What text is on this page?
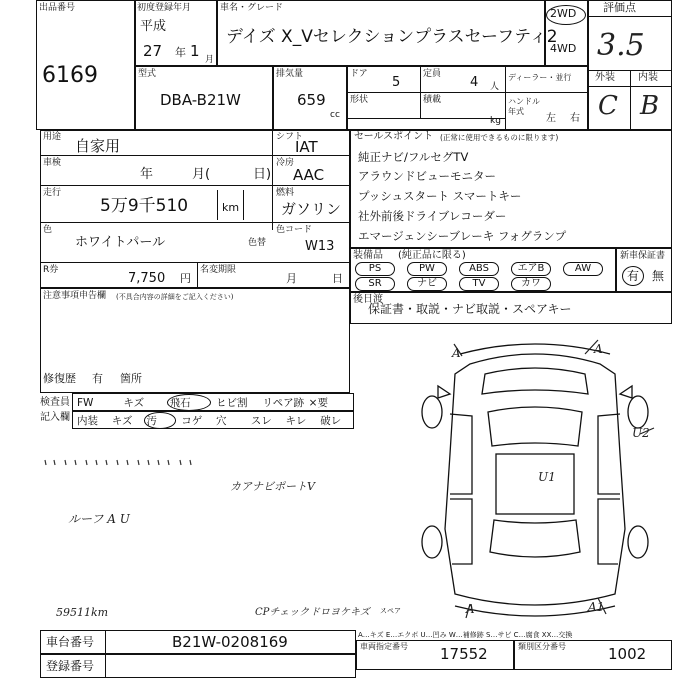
出品番号
6169
初度登録年月
平成
27 年 1 月
車名・グレード
デイズ X_Vセレクションプラスセーフティ2
2WD
4WD
評価点
3.5
外装 内装
C B
型式
DBA-B21W
排気量
659
cc
ドア
5
定員
4 人
ディーラー・並行
形状	積載
kg
ハンドル
年式
左 右
用途 自家用	シフト
IAT
車検
年	月(	日)
冷房
AAC
走行
5万9千510	km
燃料
ガソリン
色
ホワイトパール	色替
色コード
W13
R券
7,750 円
名変期限
月	日
注意事項申告欄 (不具合内容の詳細をご記入ください)
修復歴 有 箇所
検査員
記入欄
FW	キズ 飛石 ヒビ割 リペア跡 ×要
内装 キズ 汚 コゲ 穴 スレ キレ 破レ
カアナビポートV
ルーフ A U
59511km	CPチェック ドロヨケキズ
セールスポイント (正常に使用できるものに限ります)
純正ナビ/フルセグTV
アラウンドビューモニター
プッシュスタート スマートキー
社外前後ドライブレコーダー
エマージェンシーブレーキ フォグランプ
装備品 (純正品に限る)
PS	PW	ABS	エアB	AW
SR	ナビ	TV	カワ
新車保証書
有 無
後日渡
保証書・取説・ナビ取説・スペアキー
A	A
U2
U1
A	A1
スペア
車台番号	B21W-0208169
登録番号
A…キズ E…エクボ U…凹み W…補修跡 S…サビ C…腐食 XX…交換
車両指定番号 17552	類別区分番号	1002
